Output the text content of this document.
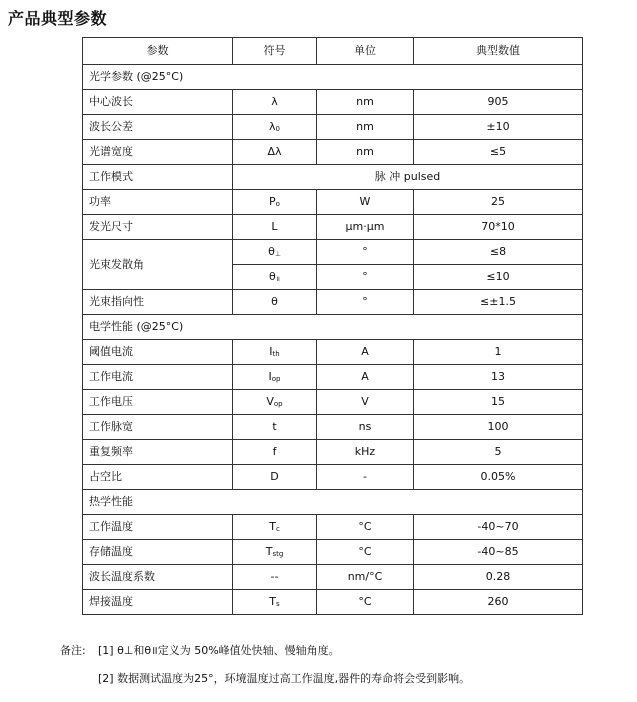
产品典型参数
参数	符号	单位	典型数值
光学参数 (@25°C)			
中心波长	λ	nm	905
波长公差	$\lambda_0$	nm	±10
光谱宽度	Δλ	nm	≤5
工作模式	脉 冲 pulsed		
功率	$P_o$	W	25
发光尺寸	L	μm·μm	70*10
光束发散角	$\theta_\perp$	°	≤8
	$\theta_॥$	°	≤10
光束指向性	θ	°	≤±1.5
电学性能 (@25°C)			
阈值电流	$I_{th}$	A	1
工作电流	$I_{op}$	A	13
工作电压	$V_{op}$	V	15
工作脉宽	t	ns	100
重复频率	f	kHz	5
占空比	D	-	0.05%
热学性能			
工作温度	$T_c$	°C	-40~70
存储温度	$T_{stg}$	°C	-40~85
波长温度系数	--	nm/°C	0.28
焊接温度	$T_s$	°C	260
备注: [1] θ⊥和θ॥定义为 50%峰值处快轴、慢轴角度。
[2] 数据测试温度为25°，环境温度过高工作温度,器件的寿命将会受到影响。
